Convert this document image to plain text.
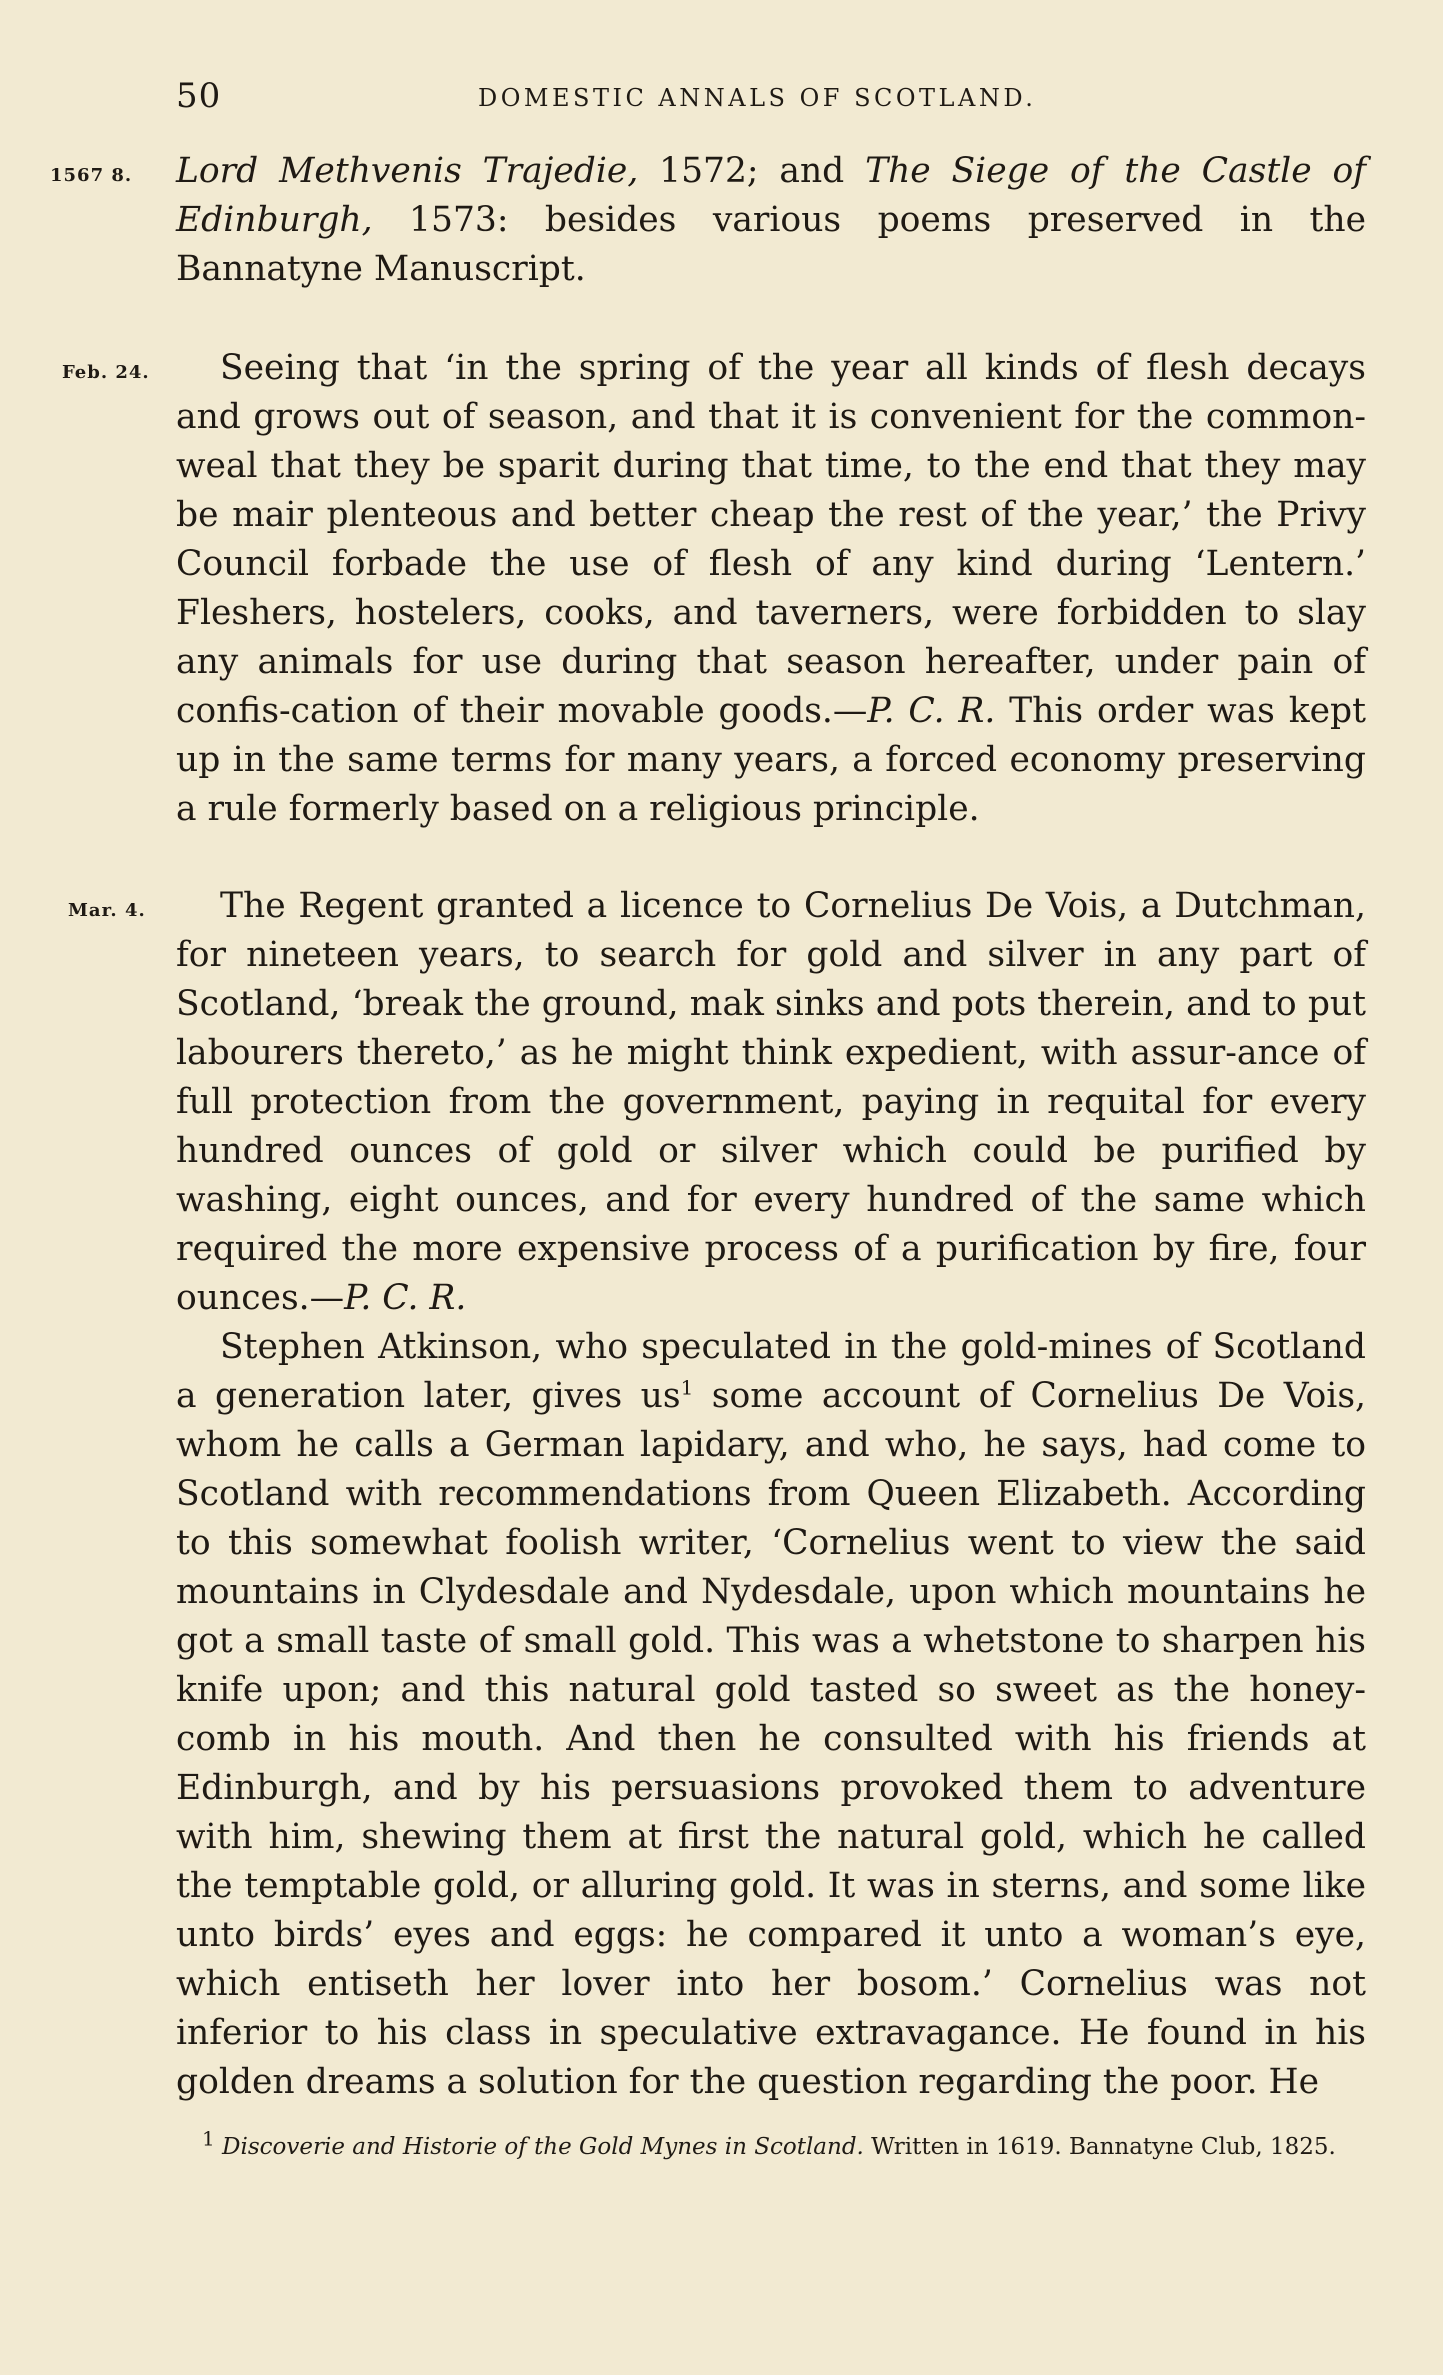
50	DOMESTIC ANNALS OF SCOTLAND.
1567 8. Lord Methvenis Trajedie, 1572; and The Siege of the Castle of Edinburgh, 1573: besides various poems preserved in the Bannatyne Manuscript.

Feb. 24.	Seeing that ‘in the spring of the year all kinds of flesh decays and grows out of season, and that it is convenient for the common-weal that they be sparit during that time, to the end that they may be mair plenteous and better cheap the rest of the year,’ the Privy Council forbade the use of flesh of any kind during ‘Lentern.’ Fleshers, hostelers, cooks, and taverners, were forbidden to slay any animals for use during that season hereafter, under pain of confis-cation of their movable goods.—P. C. R. This order was kept up in the same terms for many years, a forced economy preserving a rule formerly based on a religious principle.

Mar. 4.	The Regent granted a licence to Cornelius De Vois, a Dutchman, for nineteen years, to search for gold and silver in any part of Scotland, ‘break the ground, mak sinks and pots therein, and to put labourers thereto,’ as he might think expedient, with assur-ance of full protection from the government, paying in requital for every hundred ounces of gold or silver which could be purified by washing, eight ounces, and for every hundred of the same which required the more expensive process of a purification by fire, four ounces.—P. C. R.

Stephen Atkinson, who speculated in the gold-mines of Scotland a generation later, gives $us^1$ some account of Cornelius De Vois, whom he calls a German lapidary, and who, he says, had come to Scotland with recommendations from Queen Elizabeth. According to this somewhat foolish writer, ‘Cornelius went to view the said mountains in Clydesdale and Nydesdale, upon which mountains he got a small taste of small gold. This was a whetstone to sharpen his knife upon; and this natural gold tasted so sweet as the honey-comb in his mouth. And then he consulted with his friends at Edinburgh, and by his persuasions provoked them to adventure with him, shewing them at first the natural gold, which he called the temptable gold, or alluring gold. It was in sterns, and some like unto birds’ eyes and eggs: he compared it unto a woman’s eye, which entiseth her lover into her bosom.’ Cornelius was not inferior to his class in speculative extravagance. He found in his golden dreams a solution for the question regarding the poor. He

$^1$ Discoverie and Historie of the Gold Mynes in Scotland. Written in 1619. Bannatyne Club, 1825.
